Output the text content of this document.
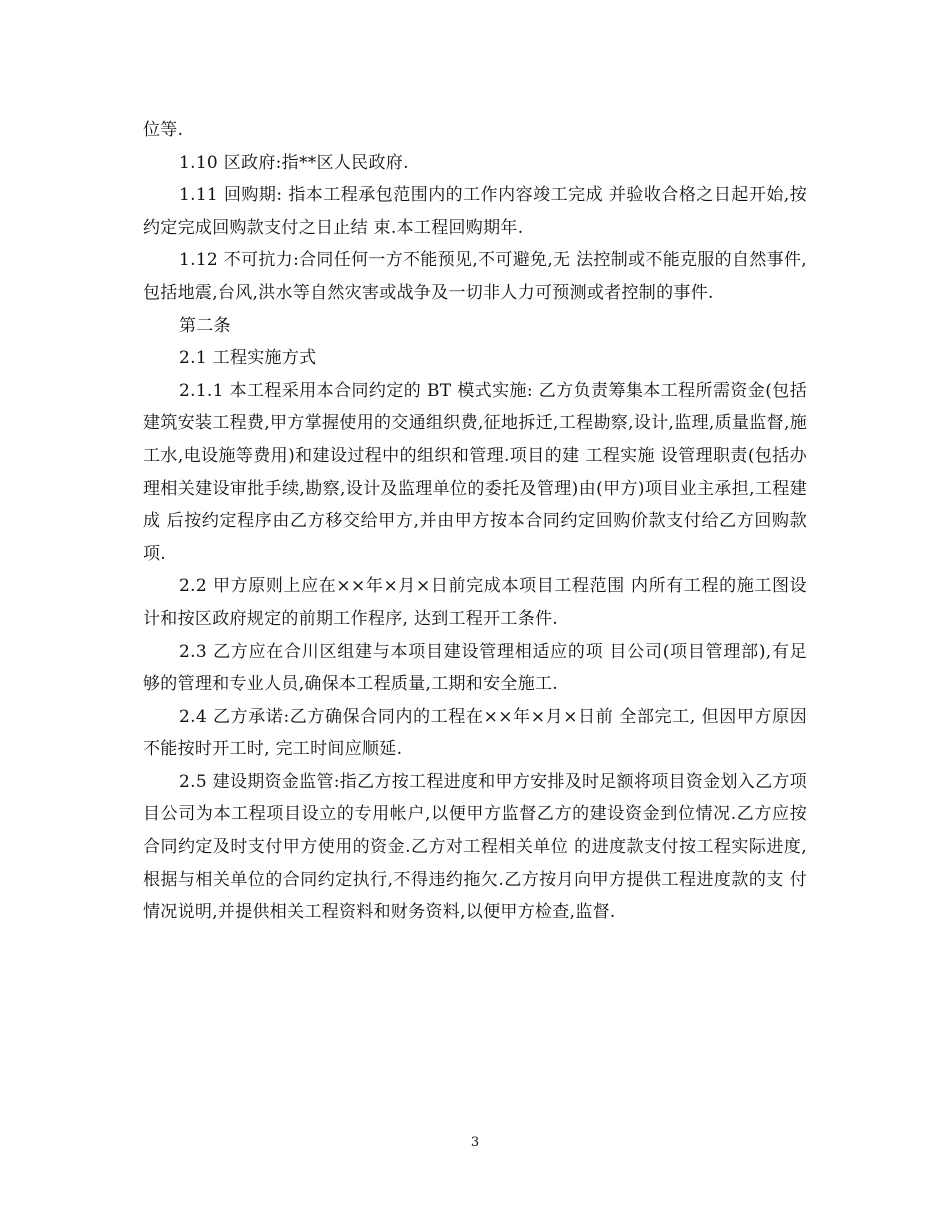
位等.

1.10 区政府:指**区人民政府.

1.11 回购期: 指本工程承包范围内的工作内容竣工完成 并验收合格之日起开始,按约定完成回购款支付之日止结 束.本工程回购期年.

1.12 不可抗力:合同任何一方不能预见,不可避免,无 法控制或不能克服的自然事件,包括地震,台风,洪水等自然灾害或战争及一切非人力可预测或者控制的事件.

第二条

2.1 工程实施方式

2.1.1 本工程采用本合同约定的 BT 模式实施: 乙方负责筹集本工程所需资金(包括建筑安装工程费,甲方掌握使用的交通组织费,征地拆迁,工程勘察,设计,监理,质量监督,施工水,电设施等费用)和建设过程中的组织和管理.项目的建 工程实施 设管理职责(包括办理相关建设审批手续,勘察,设计及监理单位的委托及管理)由(甲方)项目业主承担,工程建成 后按约定程序由乙方移交给甲方,并由甲方按本合同约定回购价款支付给乙方回购款项.

2.2 甲方原则上应在××年×月×日前完成本项目工程范围 内所有工程的施工图设计和按区政府规定的前期工作程序, 达到工程开工条件.

2.3 乙方应在合川区组建与本项目建设管理相适应的项 目公司(项目管理部),有足够的管理和专业人员,确保本工程质量,工期和安全施工.

2.4 乙方承诺:乙方确保合同内的工程在××年×月×日前 全部完工, 但因甲方原因不能按时开工时, 完工时间应顺延.

2.5 建设期资金监管:指乙方按工程进度和甲方安排及时足额将项目资金划入乙方项目公司为本工程项目设立的专用帐户,以便甲方监督乙方的建设资金到位情况.乙方应按合同约定及时支付甲方使用的资金.乙方对工程相关单位 的进度款支付按工程实际进度,根据与相关单位的合同约定执行,不得违约拖欠.乙方按月向甲方提供工程进度款的支 付情况说明,并提供相关工程资料和财务资料,以便甲方检查,监督.

3
